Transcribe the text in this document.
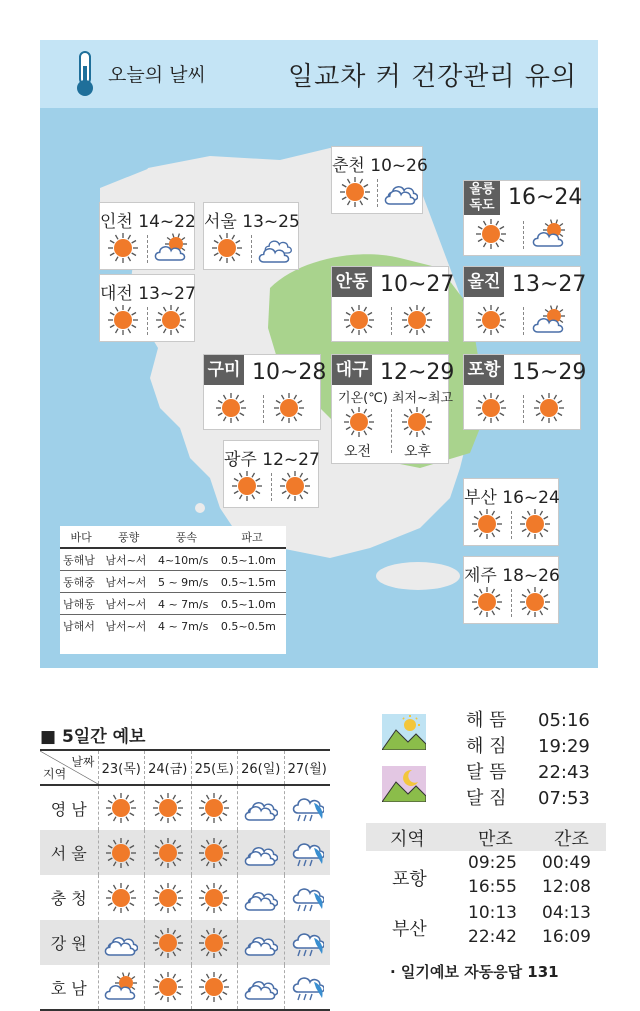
오늘의 날씨	일교차 커 건강관리 유의
춘천 10~26
인천 14~22 서울 13~25
대전 13~27
광주 12~27
부산 16~24
제주 18~26
울릉
독도 16~24
안동 10~27 울진 13~27
구미 10~28 대구 12~29
기온(℃) 최저~최고
오전 오후
포항 15~29
바다	풍향	풍속	파고
동해남	남서~서	4~10m/s	0.5~1.0m
동해중	남서~서	5 ~ 9m/s	0.5~1.5m
남해동	남서~서	4 ~ 7m/s	0.5~1.0m
남해서	남서~서	4 ~ 7m/s	0.5~0.5m
■ 5일간 예보
날짜
지역	23(목)	24(금)	25(토)	26(일)	27(월)
영 남					
서 울					
충 청					
강 원					
호 남					
해 뜸 05:16
해 짐 19:29
달 뜸 22:43
달 짐 07:53
지역	만조 간조
포항
09:25 00:49
16:55 12:08
부산
10:13 04:13
22:42 16:09
· 일기예보 자동응답 131
